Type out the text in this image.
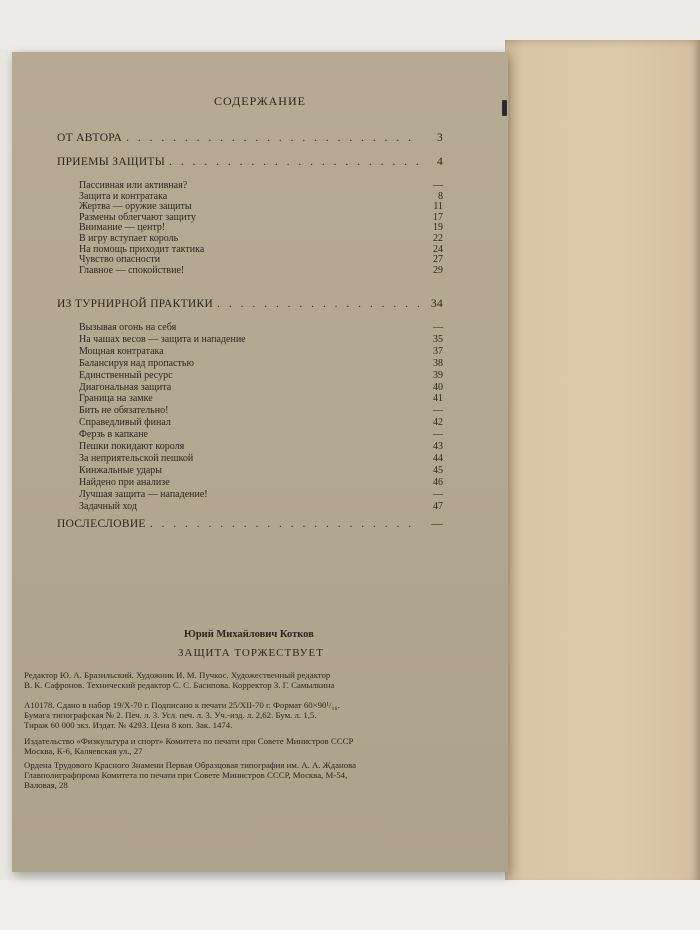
СОДЕРЖАНИЕ
ОТ АВТОРА . . .	3
ПРИЕМЫ ЗАЩИТЫ . . .	4
Пассивная или активная?	—
Защита и контратака	8
Жертва — оружие защиты	11
Размены облегчают защиту	17
Внимание — центр!	19
В игру вступает король	22
На помощь приходит тактика	24
Чувство опасности	27
Главное — спокойствие!	29
ИЗ ТУРНИРНОЙ ПРАКТИКИ . . .	34
Вызывая огонь на себя	—
На чашах весов — защита и нападение	35
Мощная контратака	37
Балансируя над пропастью	38
Единственный ресурс	39
Диагональная защита	40
Граница на замке	41
Бить не обязательно!	—
Справедливый финал	42
Ферзь в капкане	—
Пешки покидают короля	43
За неприятельской пешкой	44
Кинжальные удары	45
Найдено при анализе	46
Лучшая защита — нападение!	—
Задачный ход	47
ПОСЛЕСЛОВИЕ . . .	—
Юрий Михайлович Котков
ЗАЩИТА ТОРЖЕСТВУЕТ
Редактор Ю. А. Бразильский. Художник И. М. Пучкос. Художественный редактор
В. К. Сафронов. Технический редактор С. С. Басипова. Корректор З. Г. Самылкина
А10178. Сдано в набор 19/X-70 г. Подписано к печати 25/XII-70 г. Формат 60×90¹/₁₆.
Бумага типографская № 2. Печ. л. 3. Усл. печ. л. 3. Уч.-изд. л. 2,62. Бум. л. 1,5.
Тираж 60 000 экз. Издат. № 4293. Цена 8 коп. Зак. 1474.
Издательство «Физкультура и спорт» Комитета по печати при Совете Министров СССР
Москва, К-6, Каляевская ул., 27
Ордена Трудового Красного Знамени Первая Образцовая типография им. А. А. Жданова
Главполиграфпрома Комитета по печати при Совете Министров СССР, Москва, М-54,
Валовая, 28
